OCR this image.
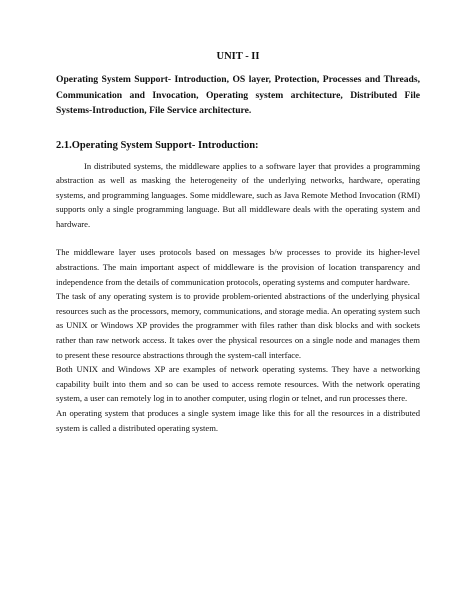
UNIT - II

Operating System Support- Introduction, OS layer, Protection, Processes and Threads, Communication and Invocation, Operating system architecture, Distributed File Systems-Introduction, File Service architecture.

2.1.Operating System Support- Introduction:

In distributed systems, the middleware applies to a software layer that provides a programming abstraction as well as masking the heterogeneity of the underlying networks, hardware, operating systems, and programming languages. Some middleware, such as Java Remote Method Invocation (RMI) supports only a single programming language. But all middleware deals with the operating system and hardware.

The middleware layer uses protocols based on messages b/w processes to provide its higher-level abstractions. The main important aspect of middleware is the provision of location transparency and independence from the details of communication protocols, operating systems and computer hardware.

The task of any operating system is to provide problem-oriented abstractions of the underlying physical resources such as the processors, memory, communications, and storage media. An operating system such as UNIX or Windows XP provides the programmer with files rather than disk blocks and with sockets rather than raw network access. It takes over the physical resources on a single node and manages them to present these resource abstractions through the system-call interface.

Both UNIX and Windows XP are examples of network operating systems. They have a networking capability built into them and so can be used to access remote resources. With the network operating system, a user can remotely log in to another computer, using rlogin or telnet, and run processes there.

An operating system that produces a single system image like this for all the resources in a distributed system is called a distributed operating system.
